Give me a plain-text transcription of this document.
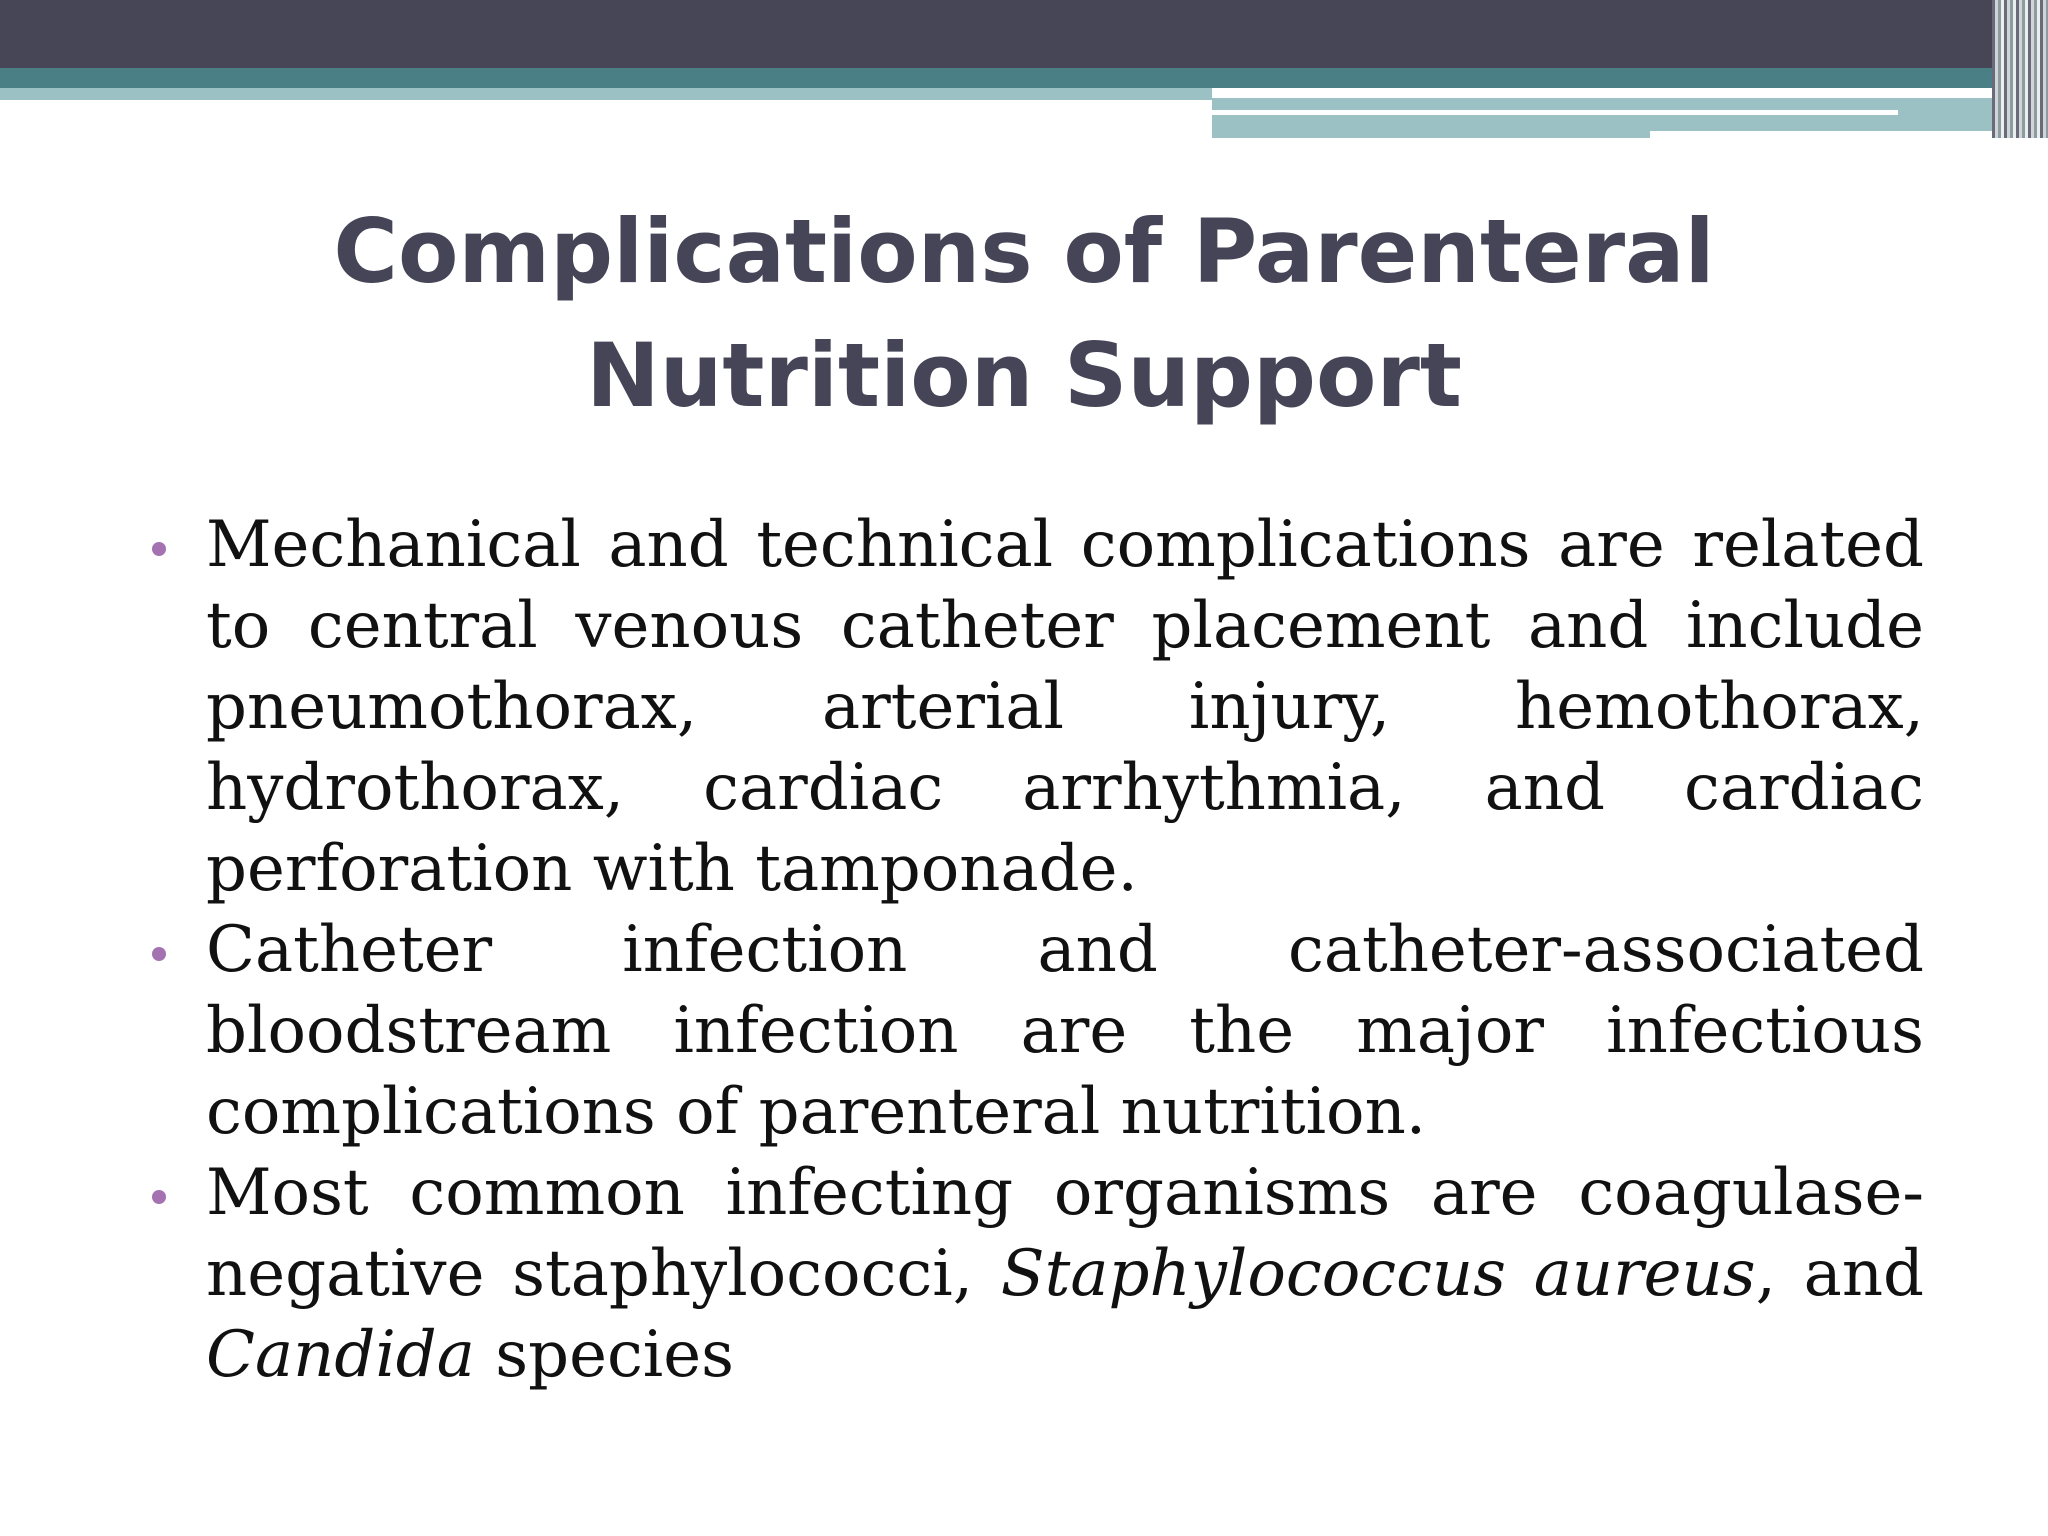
Complications of Parenteral Nutrition Support
Mechanical and technical complications are related to central venous catheter placement and include pneumothorax, arterial injury, hemothorax, hydrothorax, cardiac arrhythmia, and cardiac perforation with tamponade.
Catheter infection and catheter-associated bloodstream infection are the major infectious complications of parenteral nutrition.
Most common infecting organisms are coagulase-negative staphylococci, Staphylococcus aureus, and Candida species
